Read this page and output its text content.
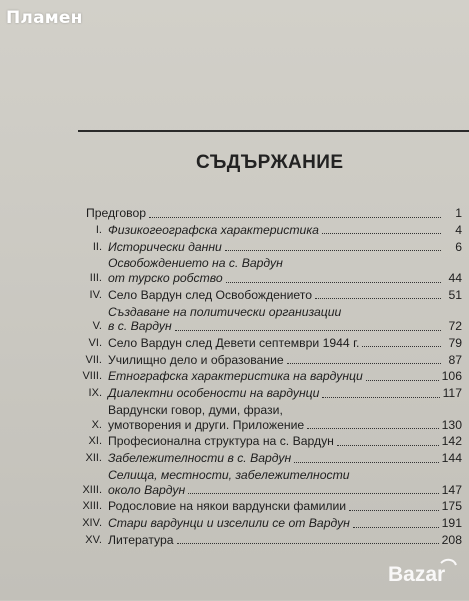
Пламен
СЪДЪРЖАНИЕ
Предговор	1
I. Физикогеографска характеристика	4
II. Исторически данни	6
III.
Освобождението на с. Вардун
от турско робство	44
IV. Село Вардун след Освобождението	51
V.
Създаване на политически организации
в с. Вардун	72
VI. Село Вардун след Девети септември 1944 г.	79
VII. Училищно дело и образование	87
VIII. Етнографска характеристика на вардунци	106
IX. Диалектни особености на вардунци	117
X.
Вардунски говор, думи, фрази,
умотворения и други. Приложение	130
XI. Професионална структура на с. Вардун	142
XII. Забележителности в с. Вардун	144
XIII.
Селища, местности, забележителности
около Вардун	147
XIII. Родословие на някои вардунски фамилии	175
XIV. Стари вардунци и изселили се от Вардун	191
XV. Литература	208
Bazar
